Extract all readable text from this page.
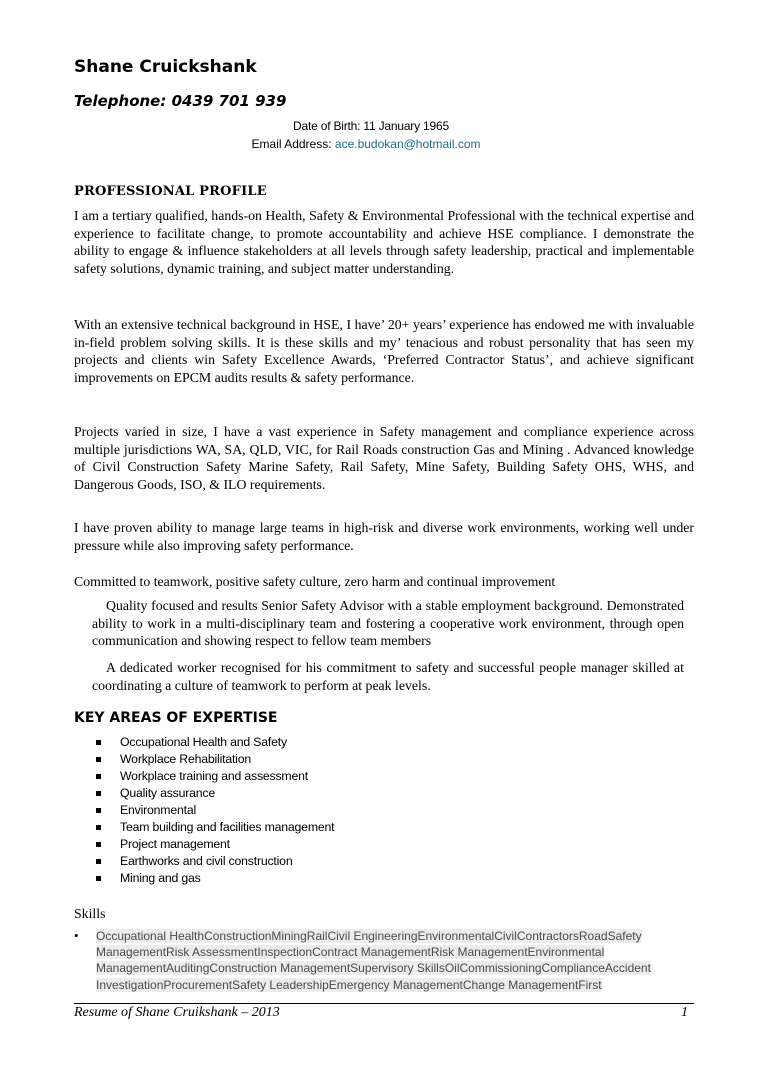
Shane Cruickshank
Telephone: 0439 701 939
Date of Birth: 11 January 1965
Email Address: ace.budokan@hotmail.com
PROFESSIONAL PROFILE

I am a tertiary qualified, hands-on Health, Safety & Environmental Professional with the technical expertise and experience to facilitate change, to promote accountability and achieve HSE compliance. I demonstrate the ability to engage & influence stakeholders at all levels through safety leadership, practical and implementable safety solutions, dynamic training, and subject matter understanding.

With an extensive technical background in HSE, I have’ 20+ years’ experience has endowed me with invaluable in-field problem solving skills. It is these skills and my’ tenacious and robust personality that has seen my projects and clients win Safety Excellence Awards, ‘Preferred Contractor Status’, and achieve significant improvements on EPCM audits results & safety performance.

Projects varied in size, I have a vast experience in Safety management and compliance experience across multiple jurisdictions WA, SA, QLD, VIC, for Rail Roads construction Gas and Mining . Advanced knowledge of Civil Construction Safety Marine Safety, Rail Safety, Mine Safety, Building Safety OHS, WHS, and Dangerous Goods, ISO, & ILO requirements.

I have proven ability to manage large teams in high-risk and diverse work environments, working well under pressure while also improving safety performance.

Committed to teamwork, positive safety culture, zero harm and continual improvement

Quality focused and results Senior Safety Advisor with a stable employment background. Demonstrated ability to work in a multi-disciplinary team and fostering a cooperative work environment, through open communication and showing respect to fellow team members

A dedicated worker recognised for his commitment to safety and successful people manager skilled at coordinating a culture of teamwork to perform at peak levels.

KEY AREAS OF EXPERTISE
Occupational Health and Safety
Workplace Rehabilitation
Workplace training and assessment
Quality assurance
Environmental
Team building and facilities management
Project management
Earthworks and civil construction
Mining and gas
Skills
• Occupational HealthConstructionMiningRailCivil EngineeringEnvironmentalCivilContractorsRoadSafety ManagementRisk AssessmentInspectionContract ManagementRisk ManagementEnvironmental ManagementAuditingConstruction ManagementSupervisory SkillsOilCommissioningComplianceAccident InvestigationProcurementSafety LeadershipEmergency ManagementChange ManagementFirst

Resume of Shane Cruikshank – 2013	1
